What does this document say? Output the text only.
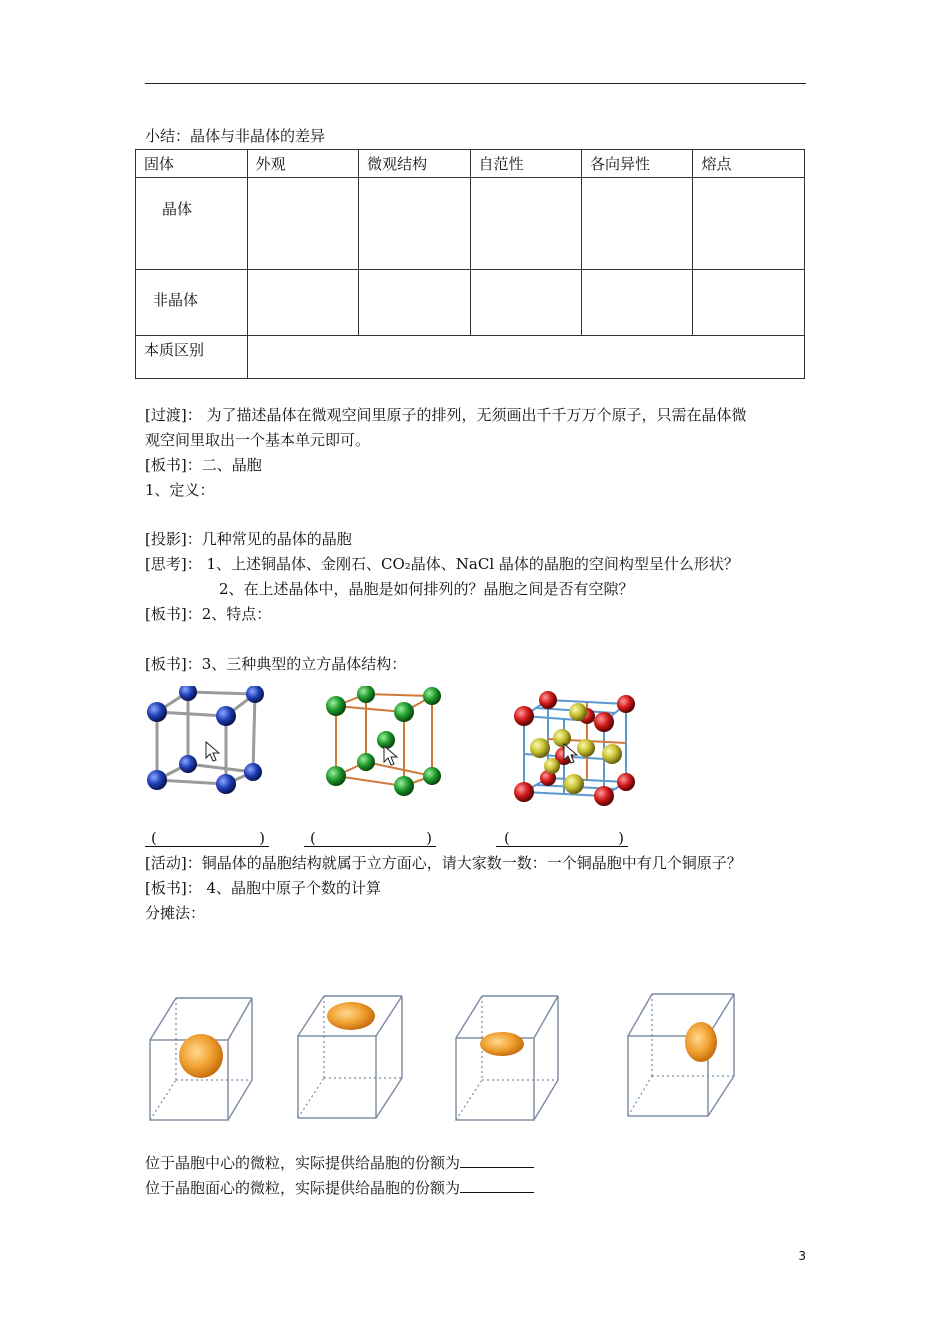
小结：晶体与非晶体的差异
固体	外观	微观结构	自范性	各向异性	熔点
晶体					
非晶体					
本质区别					
[过渡]： 为了描述晶体在微观空间里原子的排列，无须画出千千万万个原子，只需在晶体微
观空间里取出一个基本单元即可。
[板书]：二、晶胞
1、定义：
[投影]：几种常见的晶体的晶胞
[思考]： 1、上述铜晶体、金刚石、CO₂晶体、NaCl 晶体的晶胞的空间构型呈什么形状？
2、在上述晶体中，晶胞是如何排列的？晶胞之间是否有空隙？
[板书]：2、特点：
[板书]：3、三种典型的立方晶体结构：
(	)	(	)	(	)
[活动]：铜晶体的晶胞结构就属于立方面心，请大家数一数：一个铜晶胞中有几个铜原子？
[板书]： 4、晶胞中原子个数的计算
分摊法：
位于晶胞中心的微粒，实际提供给晶胞的份额为
位于晶胞面心的微粒，实际提供给晶胞的份额为
3
